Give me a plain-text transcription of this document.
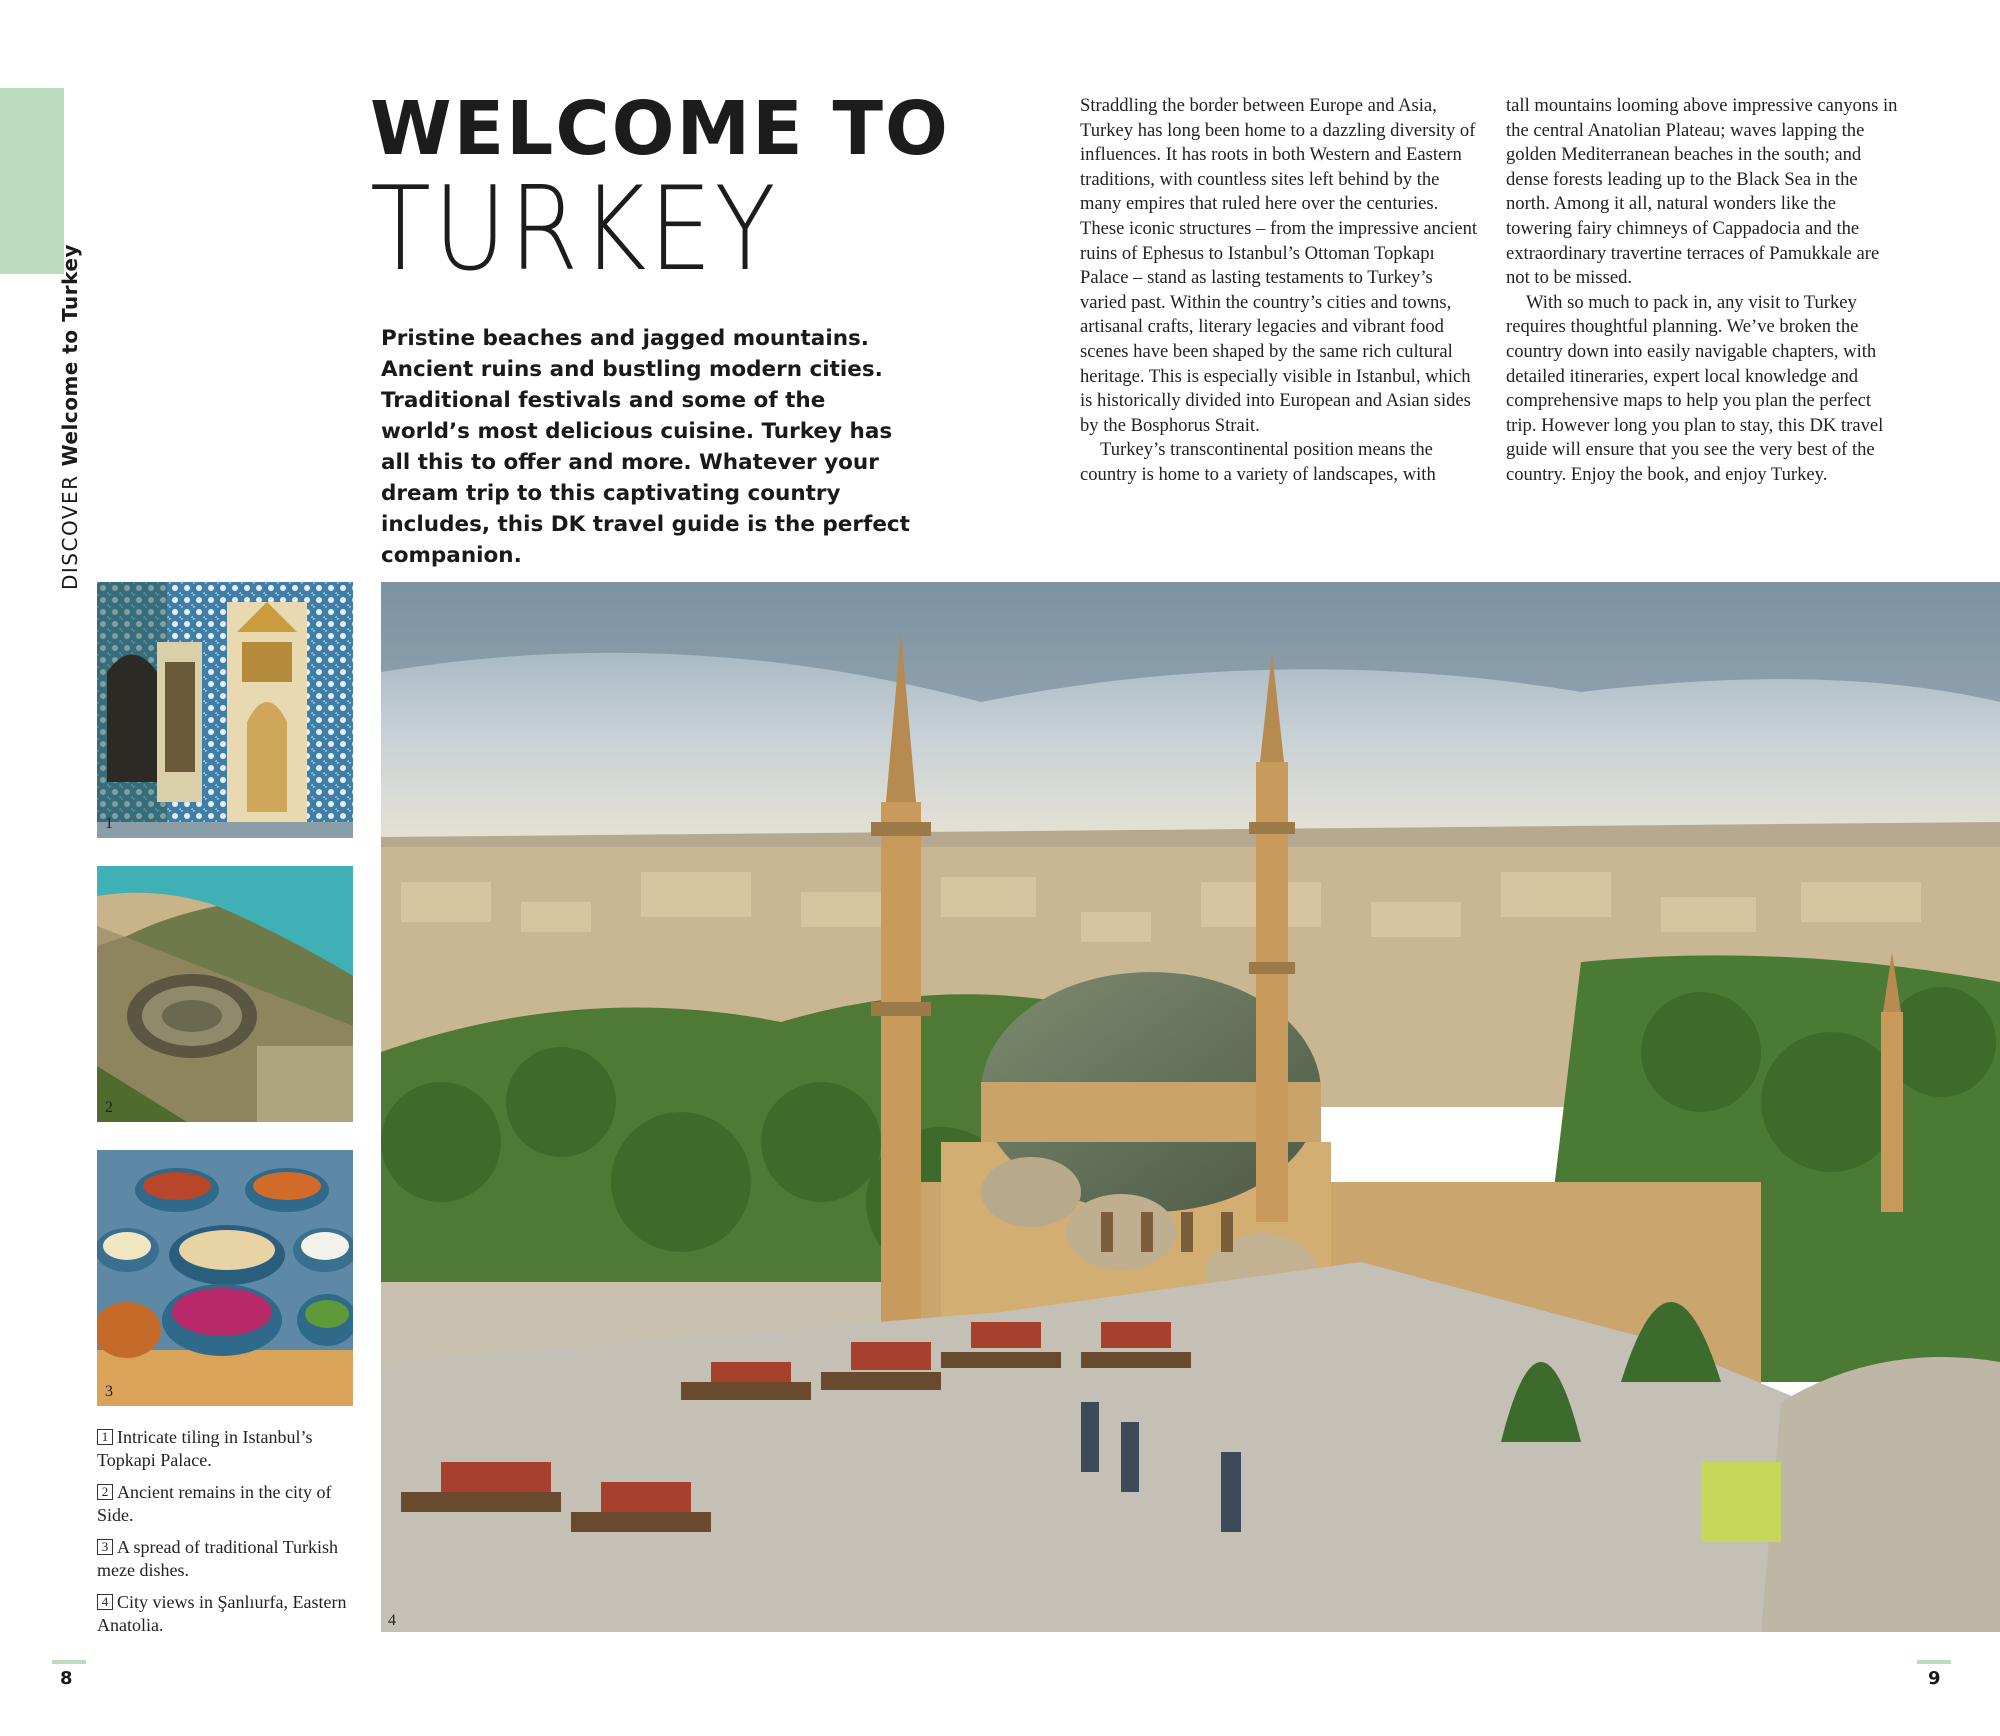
DISCOVERWelcome to Turkey
WELCOME TO
TURKEY
Pristine beaches and jagged mountains. Ancient ruins and bustling modern cities. Traditional festivals and some of the world’s most delicious cuisine. Turkey has all this to offer and more. Whatever your dream trip to this captivating country includes, this DK travel guide is the perfect companion.

Straddling the border between Europe and Asia, Turkey has long been home to a dazzling diversity of influences. It has roots in both Western and Eastern traditions, with countless sites left behind by the many empires that ruled here over the centuries. These iconic structures – from the impressive ancient ruins of Ephesus to Istanbul’s Ottoman Topkapı Palace – stand as lasting testaments to Turkey’s varied past. Within the country’s cities and towns, artisanal crafts, literary legacies and vibrant food scenes have been shaped by the same rich cultural heritage. This is especially visible in Istanbul, which is historically divided into European and Asian sides by the Bosphorus Strait.

Turkey’s transcontinental position means the country is home to a variety of landscapes, with

tall mountains looming above impressive canyons in the central Anatolian Plateau; waves lapping the golden Mediterranean beaches in the south; and dense forests leading up to the Black Sea in the north. Among it all, natural wonders like the towering fairy chimneys of Cappadocia and the extraordinary travertine terraces of Pamukkale are not to be missed.

With so much to pack in, any visit to Turkey requires thoughtful planning. We’ve broken the country down into easily navigable chapters, with detailed itineraries, expert local knowledge and comprehensive maps to help you plan the perfect trip. However long you plan to stay, this DK travel guide will ensure that you see the very best of the country. Enjoy the book, and enjoy Turkey.

1
2
3
4
1 Intricate tiling in Istanbul’s Topkapi Palace.
2 Ancient remains in the city of Side.
3 A spread of traditional Turkish meze dishes.
4 City views in Şanlıurfa, Eastern Anatolia.
8	9
